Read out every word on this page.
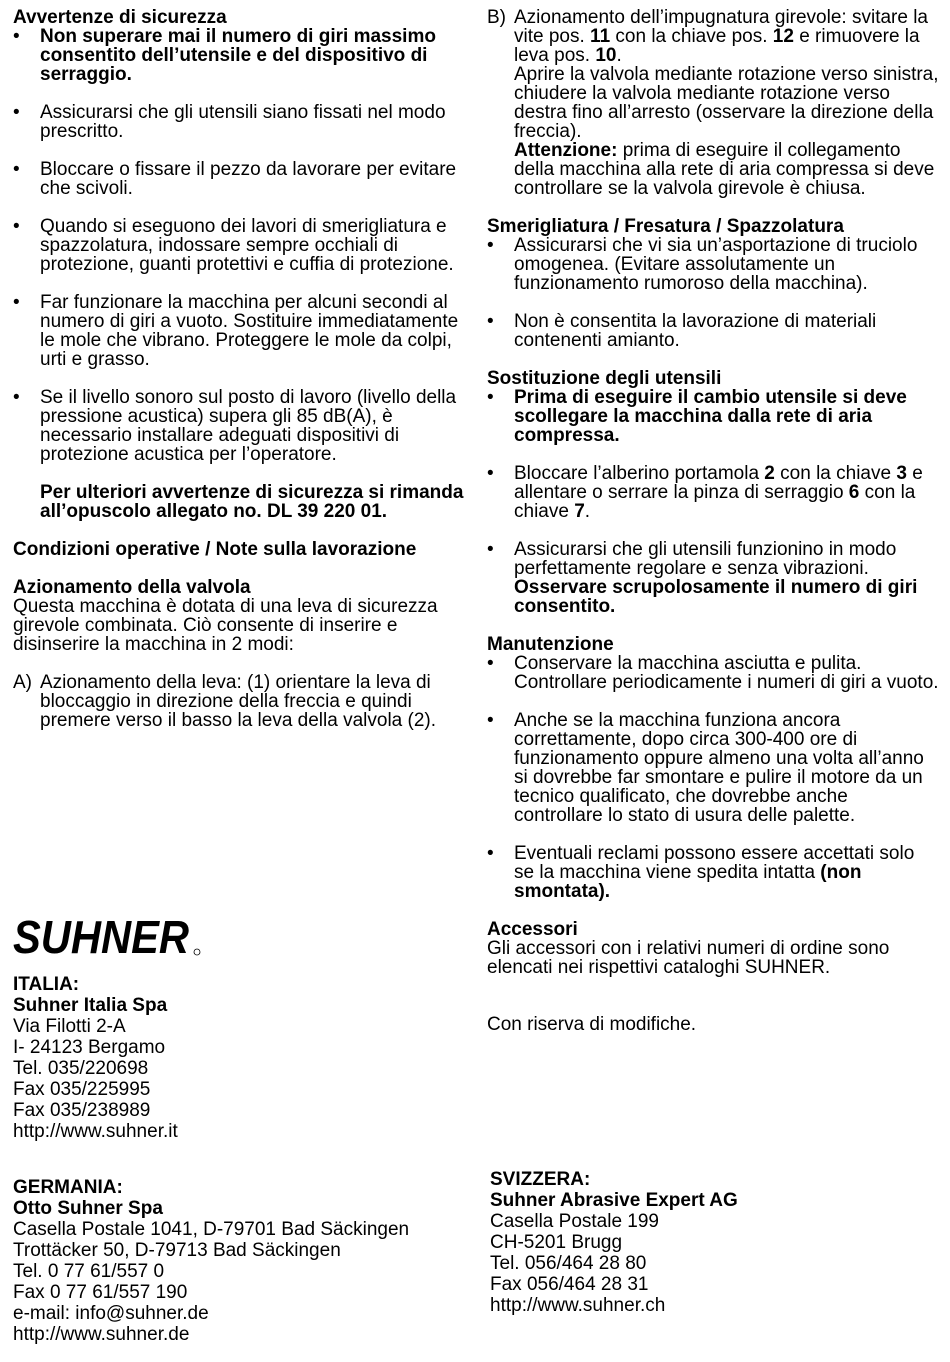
Avvertenze di sicurezza

• Non superare mai il numero di giri massimo consentito dell’utensile e del dispositivo di serraggio.
• Assicurarsi che gli utensili siano fissati nel modo prescritto.
• Bloccare o fissare il pezzo da lavorare per evitare che scivoli.
• Quando si eseguono dei lavori di smerigliatura e spazzolatura, indossare sempre occhiali di protezione, guanti protettivi e cuffia di protezione.
• Far funzionare la macchina per alcuni secondi al numero di giri a vuoto. Sostituire immediatamente le mole che vibrano. Proteggere le mole da colpi, urti e grasso.
• Se il livello sonoro sul posto di lavoro (livello della pressione acustica) supera gli 85 dB(A), è necessario installare adeguati dispositivi di protezione acustica per l’operatore.
Per ulteriori avvertenze di sicurezza si rimanda all’opuscolo allegato no. DL 39 220 01.

Condizioni operative / Note sulla lavorazione

Azionamento della valvola

Questa macchina è dotata di una leva di sicurezza girevole combinata. Ciò consente di inserire e disinserire la macchina in 2 modi:

A) Azionamento della leva: (1) orientare la leva di bloccaggio in direzione della freccia e quindi premere verso il basso la leva della valvola (2).
SUHNER
B) Azionamento dell’impugnatura girevole: svitare la vite pos. 11 con la chiave pos. 12 e rimuovere la leva pos. 10.
Aprire la valvola mediante rotazione verso sinistra, chiudere la valvola mediante rotazione verso destra fino all’arresto (osservare la direzione della freccia).
Attenzione: prima di eseguire il collegamento della macchina alla rete di aria compressa si deve controllare se la valvola girevole è chiusa.

Smerigliatura / Fresatura / Spazzolatura

• Assicurarsi che vi sia un’asportazione di truciolo omogenea. (Evitare assolutamente un funzionamento rumoroso della macchina).
• Non è consentita la lavorazione di materiali contenenti amianto.

Sostituzione degli utensili

• Prima di eseguire il cambio utensile si deve scollegare la macchina dalla rete di aria compressa.
• Bloccare l’alberino portamola 2 con la chiave 3 e allentare o serrare la pinza di serraggio 6 con la chiave 7.
• Assicurarsi che gli utensili funzionino in modo perfettamente regolare e senza vibrazioni. Osservare scrupolosamente il numero di giri consentito.

Manutenzione

• Conservare la macchina asciutta e pulita. Controllare periodicamente i numeri di giri a vuoto.
• Anche se la macchina funziona ancora correttamente, dopo circa 300-400 ore di funzionamento oppure almeno una volta all’anno si dovrebbe far smontare e pulire il motore da un tecnico qualificato, che dovrebbe anche controllare lo stato di usura delle palette.
• Eventuali reclami possono essere accettati solo se la macchina viene spedita intatta (non smontata).

Accessori

Gli accessori con i relativi numeri di ordine sono elencati nei rispettivi cataloghi SUHNER.

Con riserva di modifiche.

ITALIA:

Suhner Italia Spa

Via Filotti 2-A

I- 24123 Bergamo

Tel. 035/220698

Fax 035/225995

Fax 035/238989

http://www.suhner.it

GERMANIA:

Otto Suhner Spa

Casella Postale 1041, D-79701 Bad Säckingen

Trottäcker 50, D-79713 Bad Säckingen

Tel. 0 77 61/557 0

Fax 0 77 61/557 190

e-mail: info@suhner.de

http://www.suhner.de

SVIZZERA:

Suhner Abrasive Expert AG

Casella Postale 199

CH-5201 Brugg

Tel. 056/464 28 80

Fax 056/464 28 31

http://www.suhner.ch
